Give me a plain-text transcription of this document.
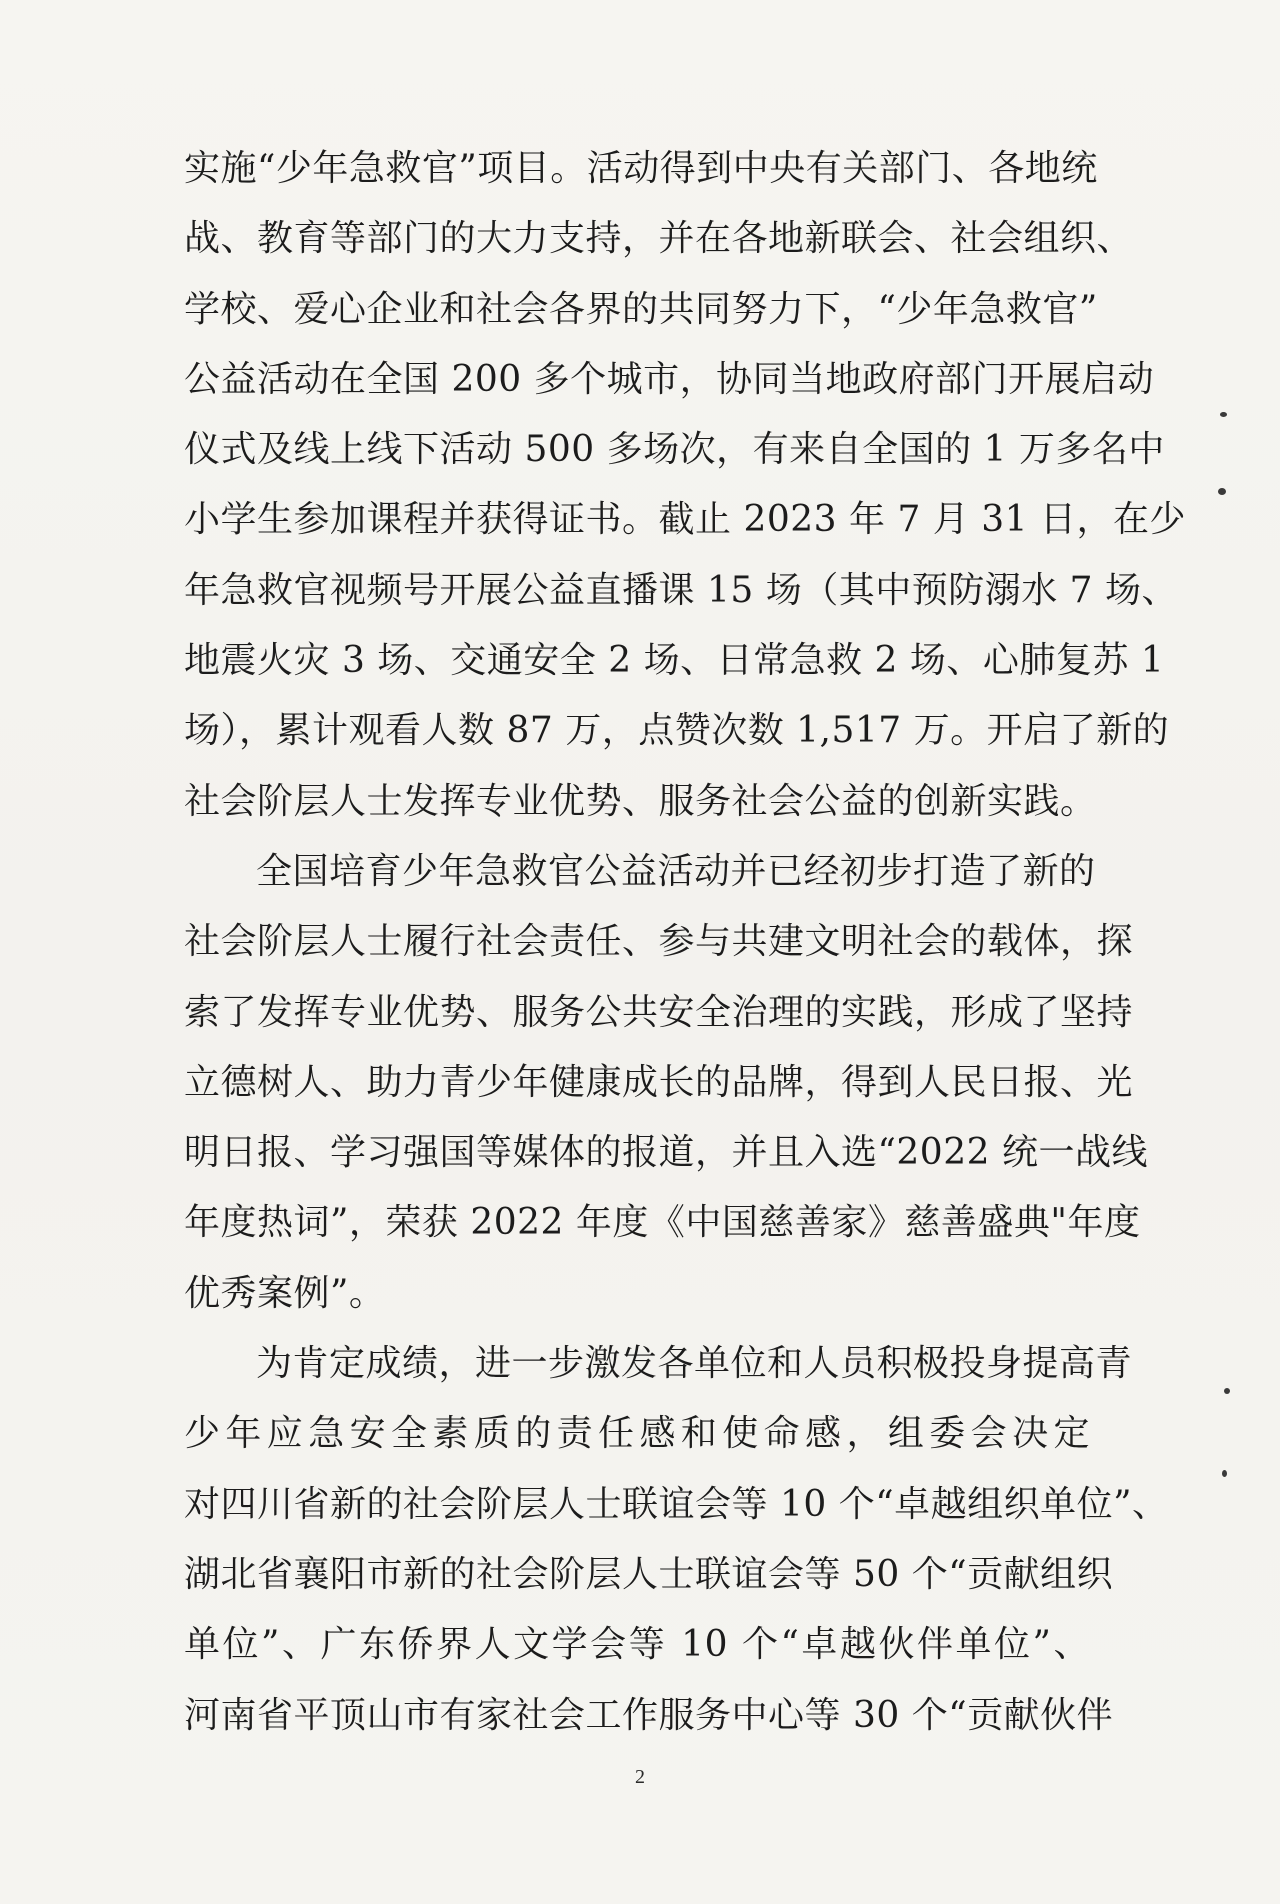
实施“少年急救官”项目。活动得到中央有关部门、各地统
战、教育等部门的大力支持，并在各地新联会、社会组织、
学校、爱心企业和社会各界的共同努力下，“少年急救官”
公益活动在全国 200 多个城市，协同当地政府部门开展启动
仪式及线上线下活动 500 多场次，有来自全国的 1 万多名中
小学生参加课程并获得证书。截止 2023 年 7 月 31 日，在少
年急救官视频号开展公益直播课 15 场（其中预防溺水 7 场、
地震火灾 3 场、交通安全 2 场、日常急救 2 场、心肺复苏 1
场），累计观看人数 87 万，点赞次数 1,517 万。开启了新的
社会阶层人士发挥专业优势、服务社会公益的创新实践。
全国培育少年急救官公益活动并已经初步打造了新的
社会阶层人士履行社会责任、参与共建文明社会的载体，探
索了发挥专业优势、服务公共安全治理的实践，形成了坚持
立德树人、助力青少年健康成长的品牌，得到人民日报、光
明日报、学习强国等媒体的报道，并且入选“2022 统一战线
年度热词”，荣获 2022 年度《中国慈善家》慈善盛典"年度
优秀案例”。
为肯定成绩，进一步激发各单位和人员积极投身提高青
少年应急安全素质的责任感和使命感，组委会决定
对四川省新的社会阶层人士联谊会等 10 个“卓越组织单位”、
湖北省襄阳市新的社会阶层人士联谊会等 50 个“贡献组织
单位”、广东侨界人文学会等 10 个“卓越伙伴单位”、
河南省平顶山市有家社会工作服务中心等 30 个“贡献伙伴
2
